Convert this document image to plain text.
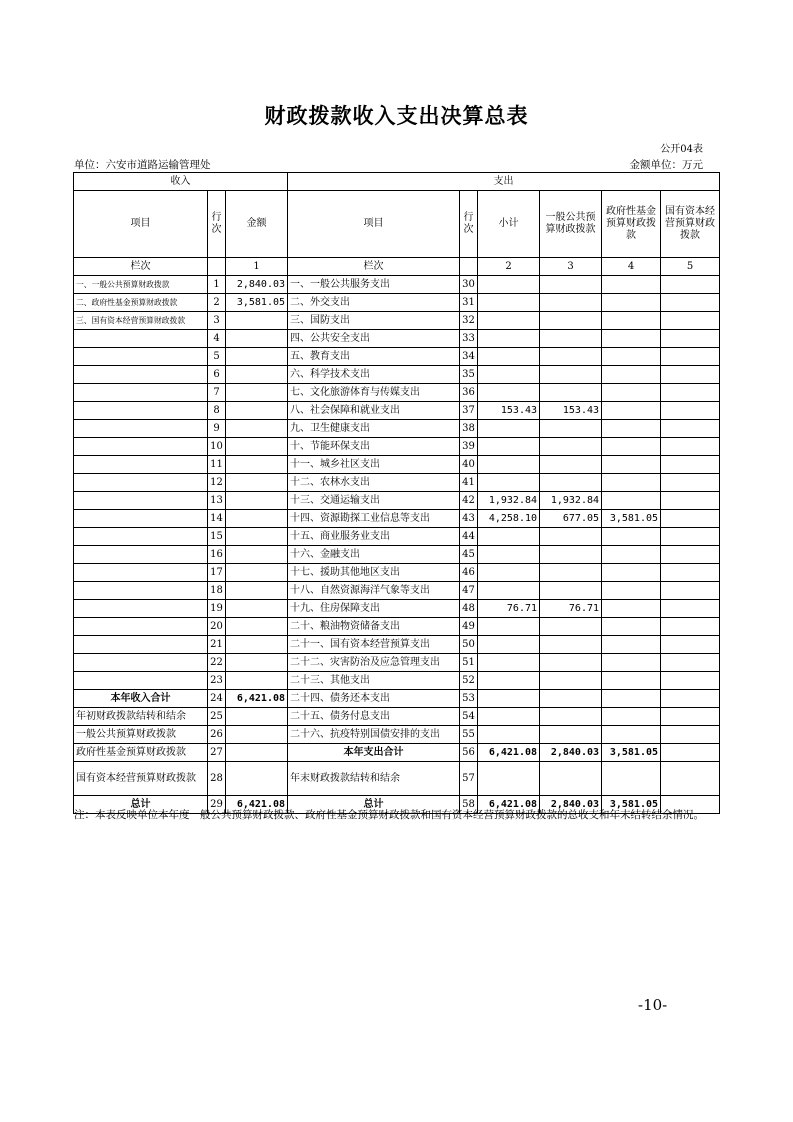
财政拨款收入支出决算总表
公开04表
单位：六安市道路运输管理处	金额单位：万元
收入			支出					
项目	行次	金额	项目	行次	小计	一般公共预算财政拨款	政府性基金预算财政拨款	国有资本经营预算财政拨款
栏次		1	栏次		2	3	4	5
一、一般公共预算财政拨款	1	2,840.03	一、一般公共服务支出	30				
二、政府性基金预算财政拨款	2	3,581.05	二、外交支出	31				
三、国有资本经营预算财政拨款	3		三、国防支出	32				
	4		四、公共安全支出	33				
	5		五、教育支出	34				
	6		六、科学技术支出	35				
	7		七、文化旅游体育与传媒支出	36				
	8		八、社会保障和就业支出	37	153.43	153.43		
	9		九、卫生健康支出	38				
	10		十、节能环保支出	39				
	11		十一、城乡社区支出	40				
	12		十二、农林水支出	41				
	13		十三、交通运输支出	42	1,932.84	1,932.84		
	14		十四、资源勘探工业信息等支出	43	4,258.10	677.05	3,581.05	
	15		十五、商业服务业支出	44				
	16		十六、金融支出	45				
	17		十七、援助其他地区支出	46				
	18		十八、自然资源海洋气象等支出	47				
	19		十九、住房保障支出	48	76.71	76.71		
	20		二十、粮油物资储备支出	49				
	21		二十一、国有资本经营预算支出	50				
	22		二十二、灾害防治及应急管理支出	51				
	23		二十三、其他支出	52				
本年收入合计	24	6,421.08	二十四、债务还本支出	53				
年初财政拨款结转和结余	25		二十五、债务付息支出	54				
一般公共预算财政拨款	26		二十六、抗疫特别国债安排的支出	55				
政府性基金预算财政拨款	27		本年支出合计	56	6,421.08	2,840.03	3,581.05	
国有资本经营预算财政拨款	28		年末财政拨款结转和结余	57				
总计	29	6,421.08	总计	58	6,421.08	2,840.03	3,581.05	
注：本表反映单位本年度一般公共预算财政拨款、政府性基金预算财政拨款和国有资本经营预算财政拨款的总收支和年末结转结余情况。
-10-
